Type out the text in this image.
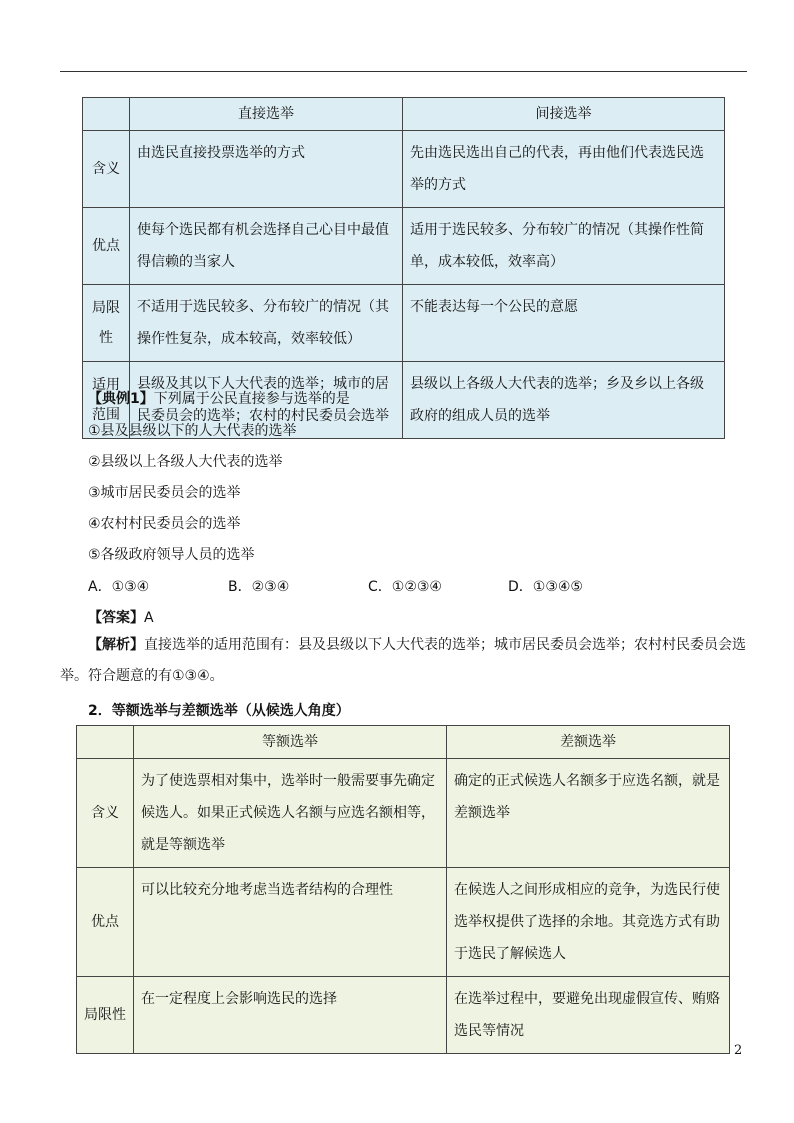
	直接选举	间接选举
含义	由选民直接投票选举的方式	先由选民选出自己的代表，再由他们代表选民选举的方式
优点	使每个选民都有机会选择自己心目中最值得信赖的当家人	适用于选民较多、分布较广的情况（其操作性简单，成本较低，效率高）
局限性	不适用于选民较多、分布较广的情况（其操作性复杂，成本较高，效率较低）	不能表达每一个公民的意愿
适用范围	县级及其以下人大代表的选举；城市的居民委员会的选举；农村的村民委员会选举	县级以上各级人大代表的选举；乡及乡以上各级政府的组成人员的选举
【典例1】下列属于公民直接参与选举的是
①县及县级以下的人大代表的选举
②县级以上各级人大代表的选举
③城市居民委员会的选举
④农村村民委员会的选举
⑤各级政府领导人员的选举
A．①③④	B．②③④	C．①②③④	D．①③④⑤
【答案】A
【解析】直接选举的适用范围有：县及县级以下人大代表的选举；城市居民委员会选举；农村村民委员会选举。符合题意的有①③④。
2．等额选举与差额选举（从候选人角度）
	等额选举	差额选举
含义	为了使选票相对集中，选举时一般需要事先确定候选人。如果正式候选人名额与应选名额相等，就是等额选举	确定的正式候选人名额多于应选名额，就是差额选举
优点	可以比较充分地考虑当选者结构的合理性	在候选人之间形成相应的竞争，为选民行使选举权提供了选择的余地。其竞选方式有助于选民了解候选人
局限性	在一定程度上会影响选民的选择	在选举过程中，要避免出现虚假宣传、贿赂选民等情况
2
